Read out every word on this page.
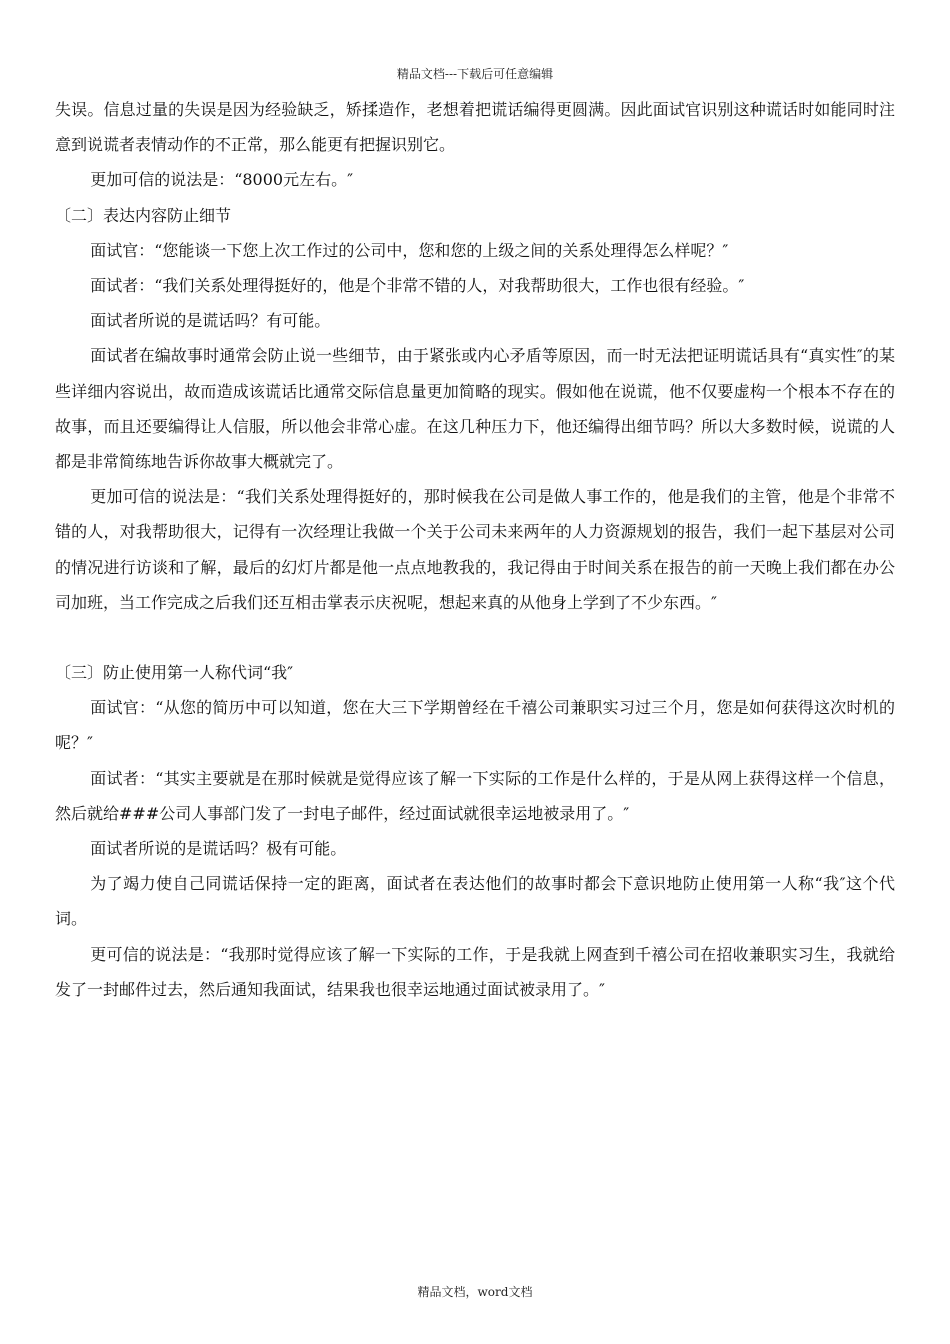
精品文档---下载后可任意编辑

失误。信息过量的失误是因为经验缺乏，矫揉造作，老想着把谎话编得更圆满。因此面试官识别这种谎话时如能同时注意到说谎者表情动作的不正常，那么能更有把握识别它。

更加可信的说法是：“8000元左右。″

〔二〕表达内容防止细节

面试官：“您能谈一下您上次工作过的公司中，您和您的上级之间的关系处理得怎么样呢？″

面试者：“我们关系处理得挺好的，他是个非常不错的人，对我帮助很大，工作也很有经验。″

面试者所说的是谎话吗？有可能。

面试者在编故事时通常会防止说一些细节，由于紧张或内心矛盾等原因，而一时无法把证明谎话具有“真实性″的某些详细内容说出，故而造成该谎话比通常交际信息量更加简略的现实。假如他在说谎，他不仅要虚构一个根本不存在的故事，而且还要编得让人信服，所以他会非常心虚。在这几种压力下，他还编得出细节吗？所以大多数时候，说谎的人都是非常简练地告诉你故事大概就完了。

更加可信的说法是：“我们关系处理得挺好的，那时候我在公司是做人事工作的，他是我们的主管，他是个非常不错的人，对我帮助很大，记得有一次经理让我做一个关于公司未来两年的人力资源规划的报告，我们一起下基层对公司的情况进行访谈和了解，最后的幻灯片都是他一点点地教我的，我记得由于时间关系在报告的前一天晚上我们都在办公司加班，当工作完成之后我们还互相击掌表示庆祝呢，想起来真的从他身上学到了不少东西。″

〔三〕防止使用第一人称代词“我″

面试官：“从您的简历中可以知道，您在大三下学期曾经在千禧公司兼职实习过三个月，您是如何获得这次时机的呢？″

面试者：“其实主要就是在那时候就是觉得应该了解一下实际的工作是什么样的，于是从网上获得这样一个信息，然后就给###公司人事部门发了一封电子邮件，经过面试就很幸运地被录用了。″

面试者所说的是谎话吗？极有可能。

为了竭力使自己同谎话保持一定的距离，面试者在表达他们的故事时都会下意识地防止使用第一人称“我″这个代词。

更可信的说法是：“我那时觉得应该了解一下实际的工作，于是我就上网查到千禧公司在招收兼职实习生，我就给发了一封邮件过去，然后通知我面试，结果我也很幸运地通过面试被录用了。″

精品文档，word文档
